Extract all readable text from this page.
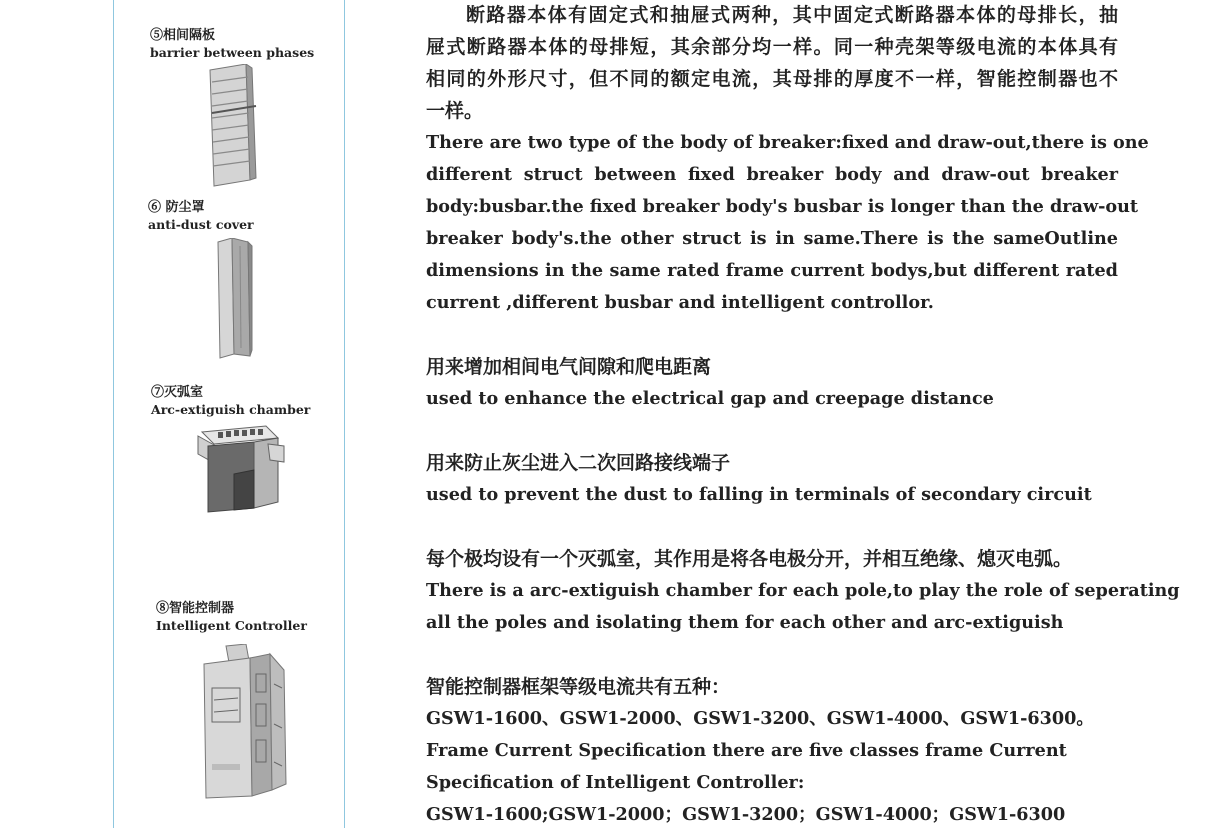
⑤相间隔板
barrier between phases
⑥ 防尘罩
anti-dust cover
⑦灭弧室
Arc-extiguish chamber
⑧智能控制器
Intelligent Controller
断路器本体有固定式和抽屉式两种，其中固定式断路器本体的母排长，抽
屉式断路器本体的母排短，其余部分均一样。同一种壳架等级电流的本体具有
相同的外形尺寸，但不同的额定电流，其母排的厚度不一样，智能控制器也不
一样。
There are two type of the body of breaker:fixed and draw-out,there is one
different struct between fixed breaker body and draw-out breaker
body:busbar.the fixed breaker body's busbar is longer than the draw-out
breaker body's.the other struct is in same.There is the sameOutline
dimensions in the same rated frame current bodys,but different rated
current ,different busbar and intelligent controllor.
用来增加相间电气间隙和爬电距离
used to enhance the electrical gap and creepage distance
用来防止灰尘进入二次回路接线端子
used to prevent the dust to falling in terminals of secondary circuit
每个极均设有一个灭弧室，其作用是将各电极分开，并相互绝缘、熄灭电弧。
There is a arc-extiguish chamber for each pole,to play the role of seperating
all the poles and isolating them for each other and arc-extiguish
智能控制器框架等级电流共有五种：
GSW1-1600、GSW1-2000、GSW1-3200、GSW1-4000、GSW1-6300。
Frame Current Specification there are five classes frame Current
Specification of Intelligent Controller:
GSW1-1600;GSW1-2000；GSW1-3200；GSW1-4000；GSW1-6300
